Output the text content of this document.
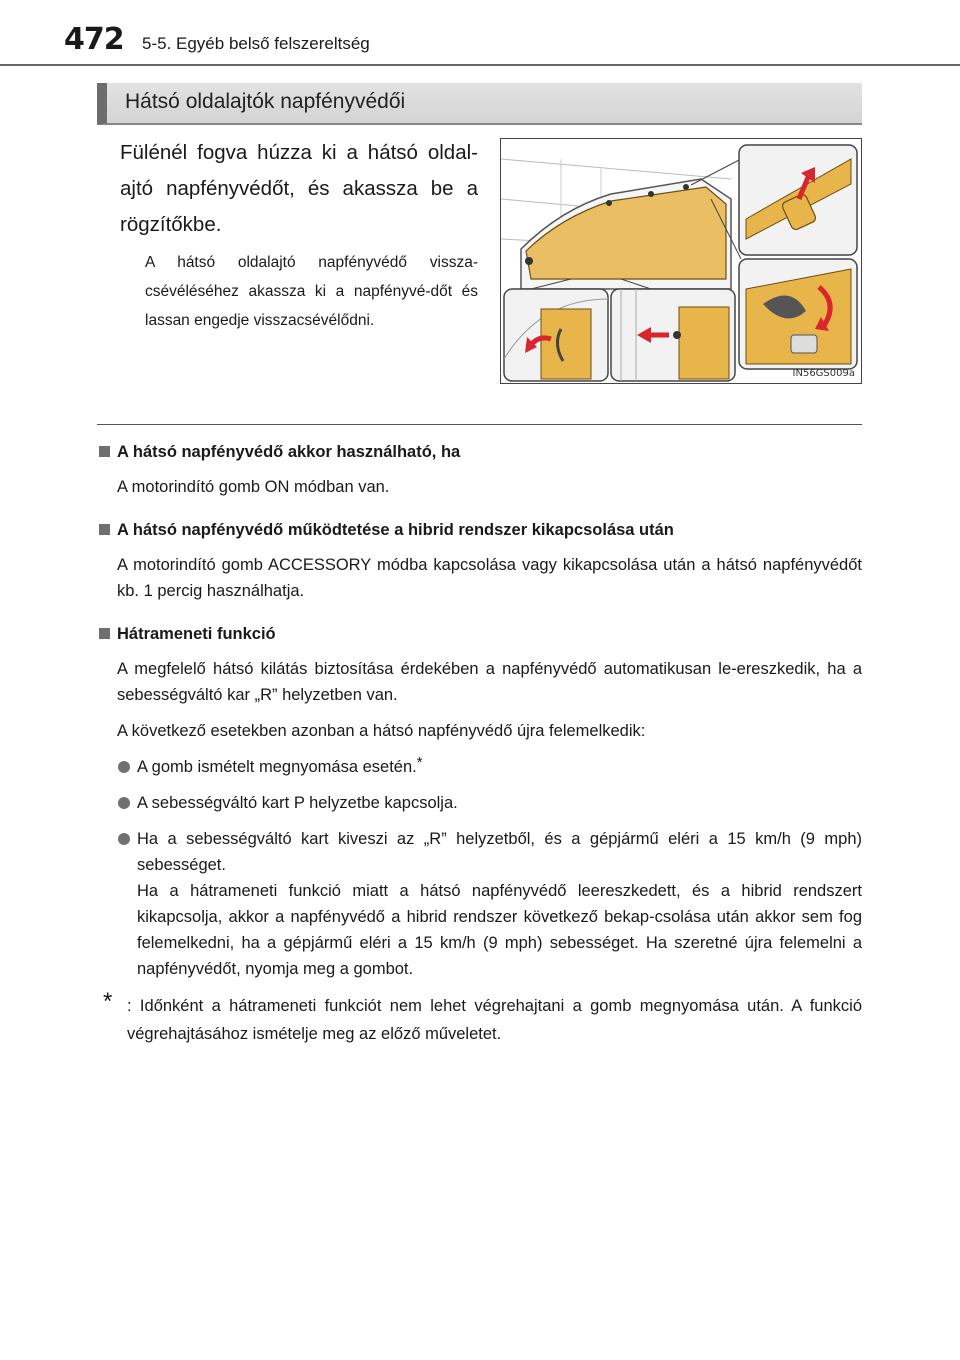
472 5-5. Egyéb belső felszereltség
Hátsó oldalajtók napfényvédői
Fülénél fogva húzza ki a hátsó oldal-ajtó napfényvédőt, és akassza be a rögzítőkbe.
A hátsó oldalajtó napfényvédő vissza-csévéléséhez akassza ki a napfényvé-dőt és lassan engedje visszacsévélődni.
IN56GS009a
A hátsó napfényvédő akkor használható, ha
A motorindító gomb ON módban van.
A hátsó napfényvédő működtetése a hibrid rendszer kikapcsolása után
A motorindító gomb ACCESSORY módba kapcsolása vagy kikapcsolása után a hátsó napfényvédőt kb. 1 percig használhatja.
Hátrameneti funkció
A megfelelő hátsó kilátás biztosítása érdekében a napfényvédő automatikusan le-ereszkedik, ha a sebességváltó kar „R” helyzetben van.
A következő esetekben azonban a hátsó napfényvédő újra felemelkedik:
A gomb ismételt megnyomása esetén.*
A sebességváltó kart P helyzetbe kapcsolja.
Ha a sebességváltó kart kiveszi az „R” helyzetből, és a gépjármű eléri a 15 km/h (9 mph) sebességet.
Ha a hátrameneti funkció miatt a hátsó napfényvédő leereszkedett, és a hibrid rendszert kikapcsolja, akkor a napfényvédő a hibrid rendszer következő bekap-csolása után akkor sem fog felemelkedni, ha a gépjármű eléri a 15 km/h (9 mph) sebességet. Ha szeretné újra felemelni a napfényvédőt, nyomja meg a gombot.
* : Időnként a hátrameneti funkciót nem lehet végrehajtani a gomb megnyomása után. A funkció végrehajtásához ismételje meg az előző műveletet.
